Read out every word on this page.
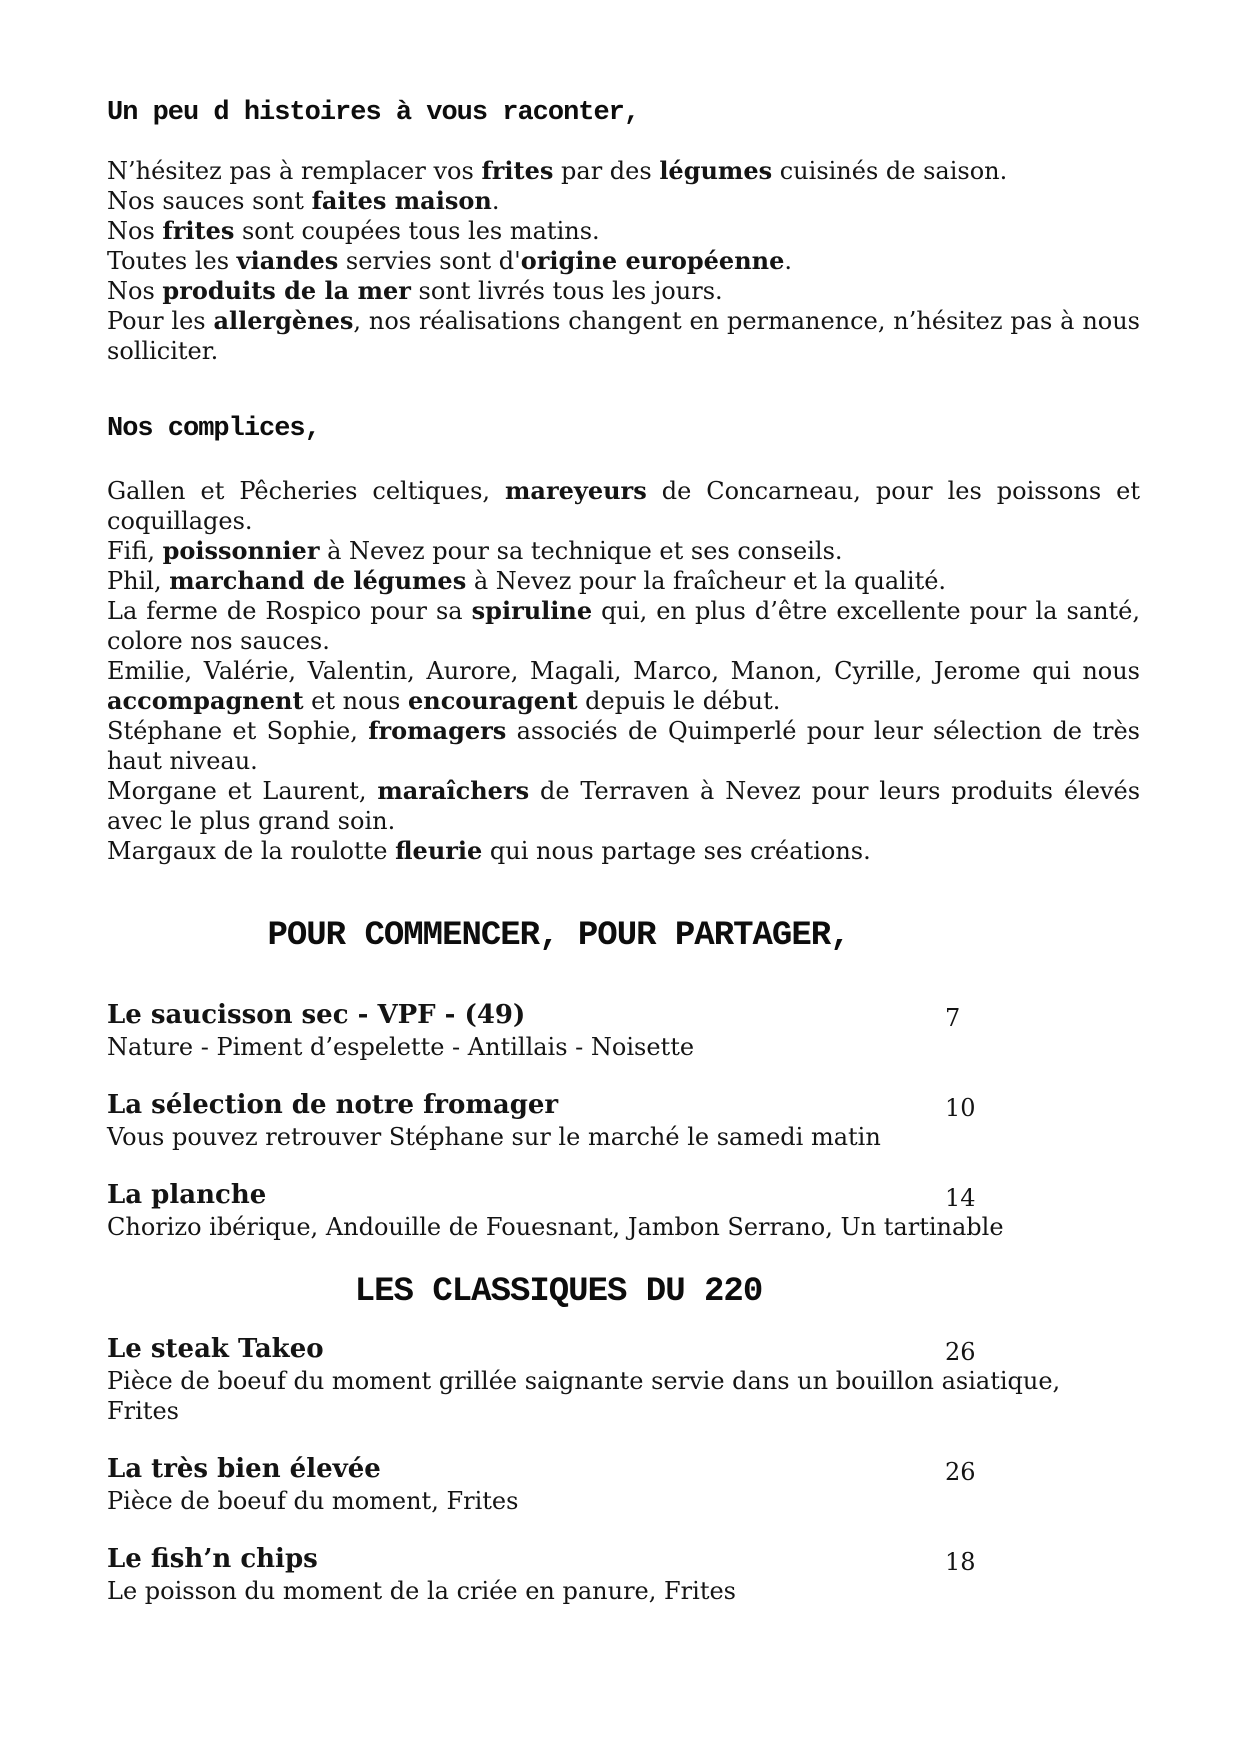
Un peu d histoires à vous raconter,
N’hésitez pas à remplacer vos frites par des légumes cuisinés de saison.
Nos sauces sont faites maison.
Nos frites sont coupées tous les matins.
Toutes les viandes servies sont d'origine européenne.
Nos produits de la mer sont livrés tous les jours.
Pour les allergènes, nos réalisations changent en permanence, n’hésitez pas à nous
solliciter.
Nos complices,
Gallen et Pêcheries celtiques, mareyeurs de Concarneau, pour les poissons et
coquillages.
Fifi, poissonnier à Nevez pour sa technique et ses conseils.
Phil, marchand de légumes à Nevez pour la fraîcheur et la qualité.
La ferme de Rospico pour sa spiruline qui, en plus d’être excellente pour la santé,
colore nos sauces.
Emilie, Valérie, Valentin, Aurore, Magali, Marco, Manon, Cyrille, Jerome qui nous
accompagnent et nous encouragent depuis le début.
Stéphane et Sophie, fromagers associés de Quimperlé pour leur sélection de très
haut niveau.
Morgane et Laurent, maraîchers de Terraven à Nevez pour leurs produits élevés
avec le plus grand soin.
Margaux de la roulotte fleurie qui nous partage ses créations.
POUR COMMENCER, POUR PARTAGER,
Le saucisson sec - VPF - (49)	7
Nature - Piment d’espelette - Antillais - Noisette
La sélection de notre fromager	10
Vous pouvez retrouver Stéphane sur le marché le samedi matin
La planche	14
Chorizo ibérique, Andouille de Fouesnant, Jambon Serrano, Un tartinable
LES CLASSIQUES DU 220
Le steak Takeo	26
Pièce de boeuf du moment grillée saignante servie dans un bouillon asiatique,
Frites
La très bien élevée	26
Pièce de boeuf du moment, Frites
Le fish’n chips	18
Le poisson du moment de la criée en panure, Frites
